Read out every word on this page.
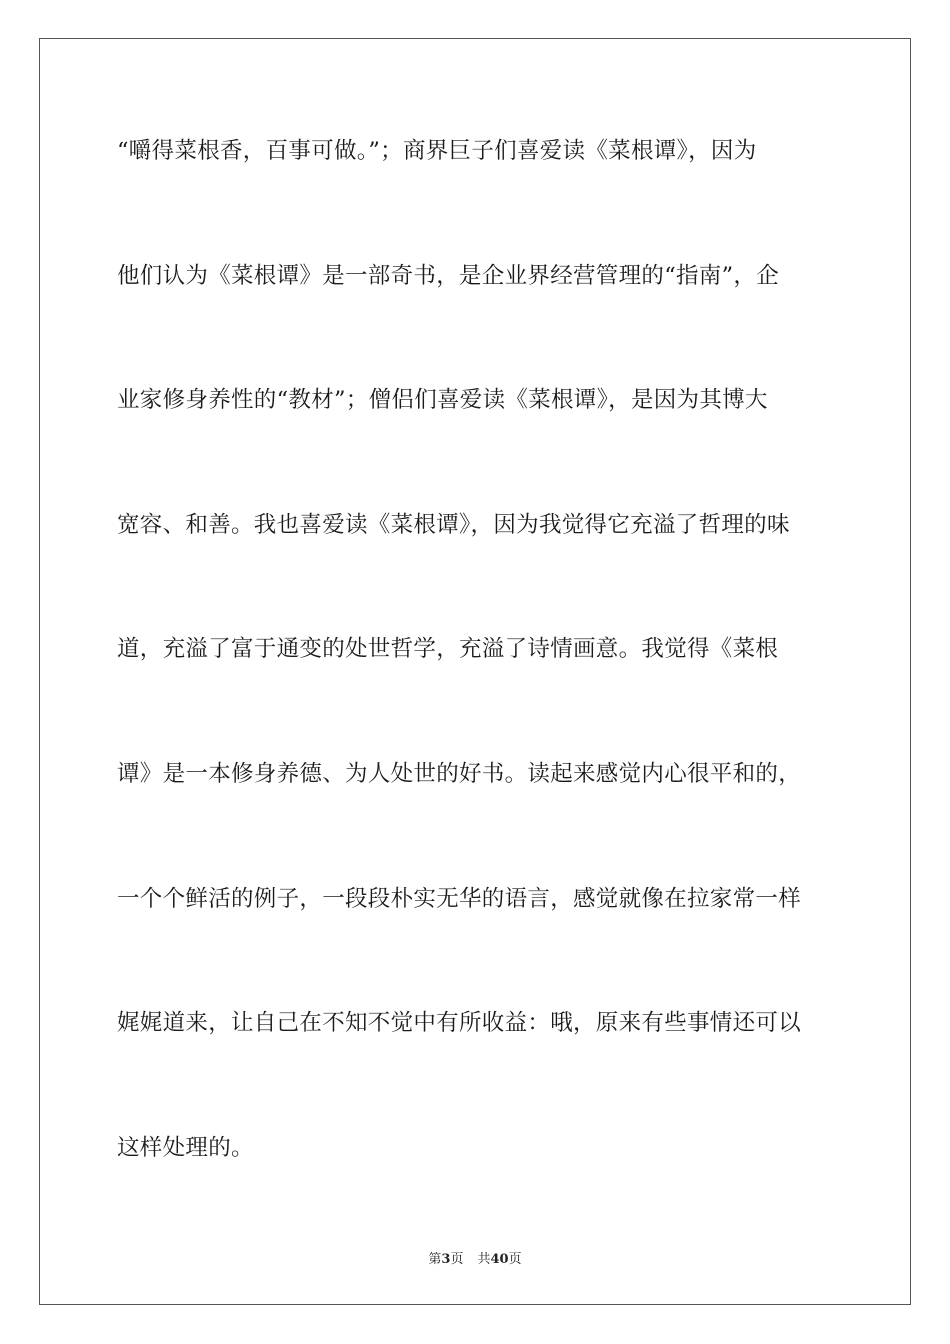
“嚼得菜根香，百事可做。”；商界巨子们喜爱读《菜根谭》，因为
他们认为《菜根谭》是一部奇书，是企业界经营管理的“指南”，企
业家修身养性的“教材”；僧侣们喜爱读《菜根谭》，是因为其博大
宽容、和善。我也喜爱读《菜根谭》，因为我觉得它充溢了哲理的味
道，充溢了富于通变的处世哲学，充溢了诗情画意。我觉得《菜根
谭》是一本修身养德、为人处世的好书。读起来感觉内心很平和的，
一个个鲜活的例子，一段段朴实无华的语言，感觉就像在拉家常一样
娓娓道来，让自己在不知不觉中有所收益：哦，原来有些事情还可以
这样处理的。
第3页 共40页
